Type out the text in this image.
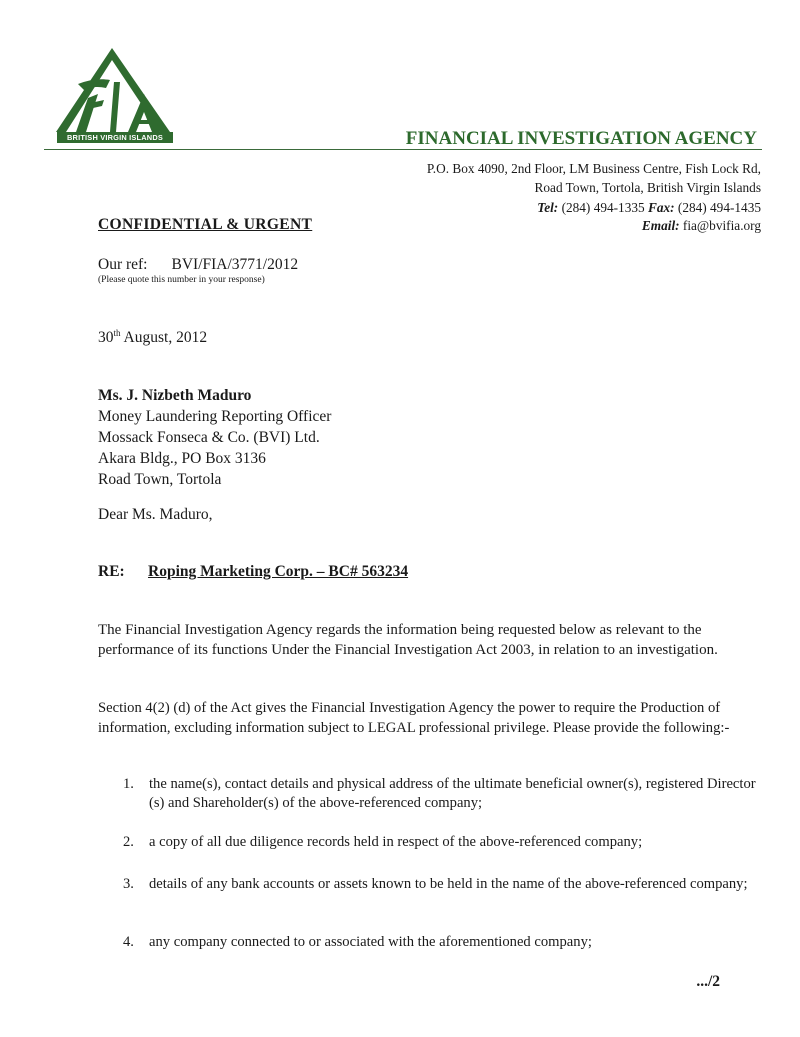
BRITISH VIRGIN ISLANDS	FINANCIAL INVESTIGATION AGENCY
P.O. Box 4090, 2nd Floor, LM Business Centre, Fish Lock Rd,
Road Town, Tortola, British Virgin Islands
Tel: (284) 494-1335 Fax: (284) 494-1435
Email: fia@bvifia.org
CONFIDENTIAL & URGENT
Our ref: BVI/FIA/3771/2012
(Please quote this number in your response)
30th August, 2012
Ms. J. Nizbeth Maduro
Money Laundering Reporting Officer
Mossack Fonseca & Co. (BVI) Ltd.
Akara Bldg., PO Box 3136
Road Town, Tortola
Dear Ms. Maduro,
RE: Roping Marketing Corp. – BC# 563234
The Financial Investigation Agency regards the information being requested below as relevant to the performance of its functions Under the Financial Investigation Act 2003, in relation to an investigation.
Section 4(2) (d) of the Act gives the Financial Investigation Agency the power to require the Production of information, excluding information subject to LEGAL professional privilege. Please provide the following:-
1. the name(s), contact details and physical address of the ultimate beneficial owner(s), registered Director (s) and Shareholder(s) of the above-referenced company;
2. a copy of all due diligence records held in respect of the above-referenced company;
3. details of any bank accounts or assets known to be held in the name of the above-referenced company;
4. any company connected to or associated with the aforementioned company;
.../2
